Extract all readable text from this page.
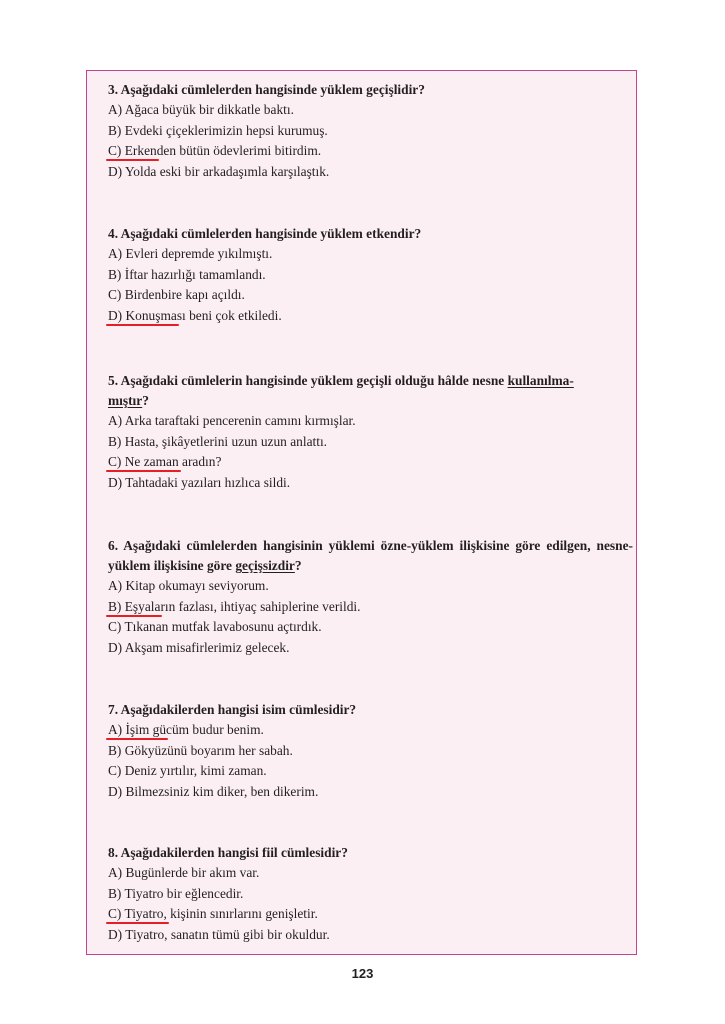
3. Aşağıdaki cümlelerden hangisinde yüklem geçişlidir?

A) Ağaca büyük bir dikkatle baktı.

B) Evdeki çiçeklerimizin hepsi kurumuş.

C) Erkenden bütün ödevlerimi bitirdim.

D) Yolda eski bir arkadaşımla karşılaştık.

4. Aşağıdaki cümlelerden hangisinde yüklem etkendir?

A) Evleri depremde yıkılmıştı.

B) İftar hazırlığı tamamlandı.

C) Birdenbire kapı açıldı.

D) Konuşması beni çok etkiledi.

5. Aşağıdaki cümlelerin hangisinde yüklem geçişli olduğu hâlde nesne kullanılma-
mıştır?

A) Arka taraftaki pencerenin camını kırmışlar.

B) Hasta, şikâyetlerini uzun uzun anlattı.

C) Ne zaman aradın?

D) Tahtadaki yazıları hızlıca sildi.

6. Aşağıdaki cümlelerden hangisinin yüklemi özne-yüklem ilişkisine göre edilgen, nesne-yüklem ilişkisine göre geçişsizdir?

A) Kitap okumayı seviyorum.

B) Eşyaların fazlası, ihtiyaç sahiplerine verildi.

C) Tıkanan mutfak lavabosunu açtırdık.

D) Akşam misafirlerimiz gelecek.

7. Aşağıdakilerden hangisi isim cümlesidir?

A) İşim gücüm budur benim.

B) Gökyüzünü boyarım her sabah.

C) Deniz yırtılır, kimi zaman.

D) Bilmezsiniz kim diker, ben dikerim.

8. Aşağıdakilerden hangisi fiil cümlesidir?

A) Bugünlerde bir akım var.

B) Tiyatro bir eğlencedir.

C) Tiyatro, kişinin sınırlarını genişletir.

D) Tiyatro, sanatın tümü gibi bir okuldur.

123
